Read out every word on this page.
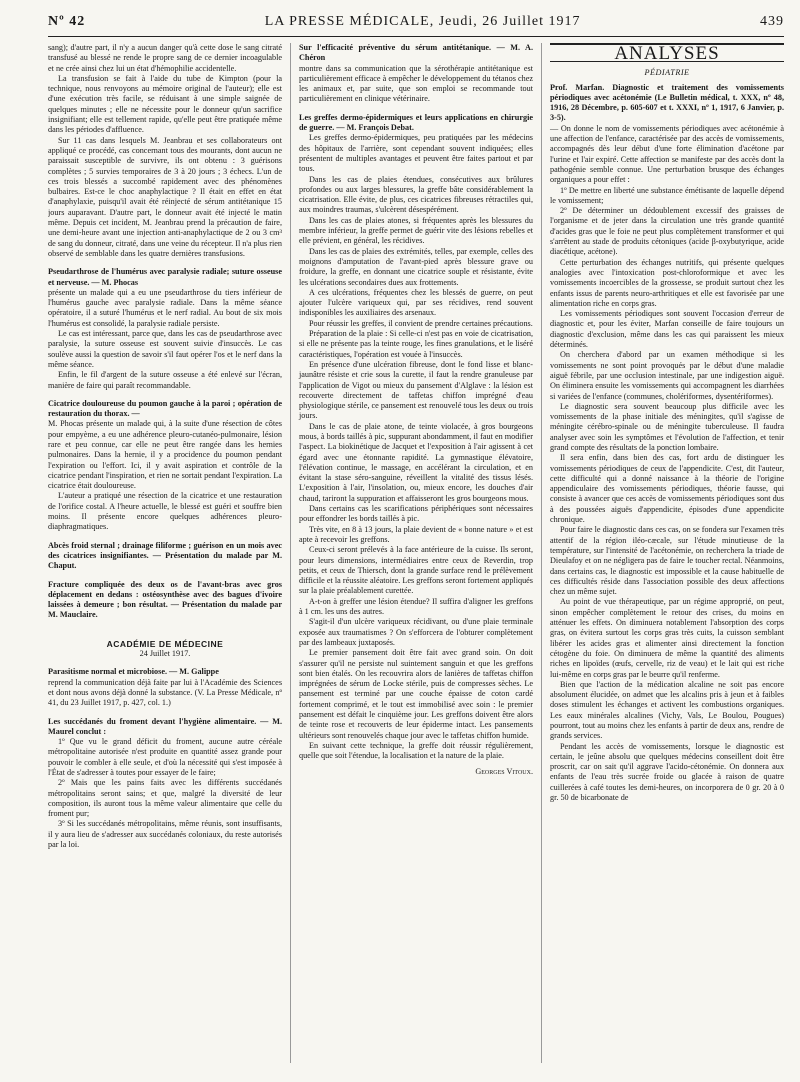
Nº 42	LA PRESSE MÉDICALE, Jeudi, 26 Juillet 1917	439

sang); d'autre part, il n'y a aucun danger qu'à cette dose le sang citraté transfusé au blessé ne rende le propre sang de ce dernier incoagulable et ne crée ainsi chez lui un état d'hémophilie accidentelle.

La transfusion se fait à l'aide du tube de Kimpton (pour la technique, nous renvoyons au mémoire original de l'auteur); elle est d'une exécution très facile, se réduisant à une simple saignée de quelques minutes ; elle ne nécessite pour le donneur qu'un sacrifice insignifiant; elle est tellement rapide, qu'elle peut être pratiquée même dans les périodes d'affluence.

Sur 11 cas dans lesquels M. Jeanbrau et ses collaborateurs ont appliqué ce procédé, cas concernant tous des mourants, dont aucun ne paraissait susceptible de survivre, ils ont obtenu : 3 guérisons complètes ; 5 survies temporaires de 3 à 20 jours ; 3 échecs. L'un de ces trois blessés a succombé rapidement avec des phénomènes bulbaires. Est-ce le choc anaphylactique ? Il était en effet en état d'anaphylaxie, puisqu'il avait été réinjecté de sérum antitétanique 15 jours auparavant. D'autre part, le donneur avait été injecté le matin même. Depuis cet incident, M. Jeanbrau prend la précaution de faire, une demi-heure avant une injection anti-anaphylactique de 2 ou 3 cm³ de sang du donneur, citraté, dans une veine du récepteur. Il n'a plus rien observé de semblable dans les quatre dernières transfusions.

Pseudarthrose de l'humérus avec paralysie radiale; suture osseuse et nerveuse. — M. Phocas

présente un malade qui a eu une pseudarthrose du tiers inférieur de l'humérus gauche avec paralysie radiale. Dans la même séance opératoire, il a suturé l'humérus et le nerf radial. Au bout de six mois l'humérus est consolidé, la paralysie radiale persiste.

Le cas est intéressant, parce que, dans les cas de pseudarthrose avec paralysie, la suture osseuse est souvent suivie d'insuccès. Le cas soulève aussi la question de savoir s'il faut opérer l'os et le nerf dans la même séance.

Enfin, le fil d'argent de la suture osseuse a été enlevé sur l'écran, manière de faire qui paraît recommandable.

Cicatrice douloureuse du poumon gauche à la paroi ; opération de restauration du thorax. —

M. Phocas présente un malade qui, à la suite d'une résection de côtes pour empyème, a eu une adhérence pleuro-cutanéo-pulmonaire, lésion rare et peu connue, car elle ne peut être rangée dans les hernies pulmonaires. Dans la hernie, il y a procidence du poumon pendant l'expiration ou l'effort. Ici, il y avait aspiration et contrôle de la cicatrice pendant l'inspiration, et rien ne sortait pendant l'expiration. La cicatrice était douloureuse.

L'auteur a pratiqué une résection de la cicatrice et une restauration de l'orifice costal. A l'heure actuelle, le blessé est guéri et souffre bien moins. Il présente encore quelques adhérences pleuro-diaphragmatiques.

Abcès froid sternal ; drainage filiforme ; guérison en un mois avec des cicatrices insignifiantes. — Présentation du malade par M. Chaput.

Fracture compliquée des deux os de l'avant-bras avec gros déplacement en dedans : ostéosynthèse avec des bagues d'ivoire laissées à demeure ; bon résultat. — Présentation du malade par M. Mauclaire.

ACADÉMIE DE MÉDECINE

24 Juillet 1917.

Parasitisme normal et microbiose. — M. Galippe

reprend la communication déjà faite par lui à l'Académie des Sciences et dont nous avons déjà donné la substance. (V. La Presse Médicale, nº 41, du 23 Juillet 1917, p. 427, col. 1.)

Les succédanés du froment devant l'hygiène alimentaire. — M. Maurel conclut :

1º Que vu le grand déficit du froment, aucune autre céréale métropolitaine autorisée n'est produite en quantité assez grande pour pouvoir le combler à elle seule, et d'où la nécessité qui s'est imposée à l'État de s'adresser à toutes pour essayer de le faire;

2º Mais que les pains faits avec les différents succédanés métropolitains seront sains; et que, malgré la diversité de leur composition, ils auront tous la même valeur alimentaire que celle du froment pur;

3º Si les succédanés métropolitains, même réunis, sont insuffisants, il y aura lieu de s'adresser aux succédanés coloniaux, du reste autorisés par la loi.

Sur l'efficacité préventive du sérum antitétanique. — M. A. Chéron

montre dans sa communication que la sérothérapie antitétanique est particulièrement efficace à empêcher le développement du tétanos chez les animaux et, par suite, que son emploi se recommande tout particulièrement en clinique vétérinaire.

Les greffes dermo-épidermiques et leurs applications en chirurgie de guerre. — M. François Debat.

Les greffes dermo-épidermiques, peu pratiquées par les médecins des hôpitaux de l'arrière, sont cependant souvent indiquées; elles présentent de multiples avantages et peuvent être faites partout et par tous.

Dans les cas de plaies étendues, consécutives aux brûlures profondes ou aux larges blessures, la greffe bâte considérablement la cicatrisation. Elle évite, de plus, ces cicatrices fibreuses rétractiles qui, aux moindres traumas, s'ulcèrent désespérément.

Dans les cas de plaies atones, si fréquentes après les blessures du membre inférieur, la greffe permet de guérir vite des lésions rebelles et elle prévient, en général, les récidives.

Dans les cas de plaies des extrémités, telles, par exemple, celles des moignons d'amputation de l'avant-pied après blessure grave ou froidure, la greffe, en donnant une cicatrice souple et résistante, évite les ulcérations secondaires dues aux frottements.

A ces ulcérations, fréquentes chez les blessés de guerre, on peut ajouter l'ulcère variqueux qui, par ses récidives, rend souvent indisponibles les auxiliaires des arsenaux.

Pour réussir les greffes, il convient de prendre certaines précautions.

Préparation de la plaie : Si celle-ci n'est pas en voie de cicatrisation, si elle ne présente pas la teinte rouge, les fines granulations, et le liséré caractéristiques, l'opération est vouée à l'insuccès.

En présence d'une ulcération fibreuse, dont le fond lisse et blanc-jaunâtre résiste et crie sous la curette, il faut la rendre granuleuse par l'application de Vigot ou mieux du pansement d'Alglave : la lésion est recouverte directement de taffetas chiffon imprégné d'eau physiologique stérile, ce pansement est renouvelé tous les deux ou trois jours.

Dans le cas de plaie atone, de teinte violacée, à gros bourgeons mous, à bords taillés à pic, suppurant abondamment, il faut en modifier l'aspect. La biokinétique de Jacquet et l'exposition à l'air agissent à cet égard avec une étonnante rapidité. La gymnastique élévatoire, l'élévation continue, le massage, en accélérant la circulation, et en évitant la stase séro-sanguine, réveillent la vitalité des tissus lésés. L'exposition à l'air, l'insolation, ou, mieux encore, les douches d'air chaud, tariront la suppuration et affaisseront les gros bourgeons mous.

Dans certains cas les scarifications périphériques sont nécessaires pour effondrer les bords taillés à pic.

Très vite, en 8 à 13 jours, la plaie devient de « bonne nature » et est apte à recevoir les greffons.

Ceux-ci seront prélevés à la face antérieure de la cuisse. Ils seront, pour leurs dimensions, intermédiaires entre ceux de Reverdin, trop petits, et ceux de Thiersch, dont la grande surface rend le prélèvement difficile et la réussite aléatoire. Les greffons seront fortement appliqués sur la plaie préalablement curettée.

A-t-on à greffer une lésion étendue? Il suffira d'aligner les greffons à 1 cm. les uns des autres.

S'agit-il d'un ulcère variqueux récidivant, ou d'une plaie terminale exposée aux traumatismes ? On s'efforcera de l'obturer complètement par des lambeaux juxtaposés.

Le premier pansement doit être fait avec grand soin. On doit s'assurer qu'il ne persiste nul suintement sanguin et que les greffons sont bien étalés. On les recouvrira alors de lanières de taffetas chiffon imprégnées de sérum de Locke stérile, puis de compresses sèches. Le pansement est terminé par une couche épaisse de coton cardé fortement comprimé, et le tout est immobilisé avec soin : le premier pansement est défait le cinquième jour. Les greffons doivent être alors de teinte rose et recouverts de leur épiderme intact. Les pansements ultérieurs sont renouvelés chaque jour avec le taffetas chiffon humide.

En suivant cette technique, la greffe doit réussir régulièrement, quelle que soit l'étendue, la localisation et la nature de la plaie.

Georges Vitoux.
ANALYSES
PÉDIATRIE

Prof. Marfan. Diagnostic et traitement des vomissements périodiques avec acétonémie (Le Bulletin médical, t. XXX, nº 48, 1916, 28 Décembre, p. 605-607 et t. XXXI, nº 1, 1917, 6 Janvier, p. 3-5).

— On donne le nom de vomissements périodiques avec acétonémie à une affection de l'enfance, caractérisée par des accès de vomissements, accompagnés dès leur début d'une forte élimination d'acétone par l'urine et l'air expiré. Cette affection se manifeste par des accès dont la pathogénie semble connue. Une perturbation brusque des échanges organiques a pour effet :

1º De mettre en liberté une substance émétisante de laquelle dépend le vomissement;

2º De déterminer un dédoublement excessif des graisses de l'organisme et de jeter dans la circulation une très grande quantité d'acides gras que le foie ne peut plus complètement transformer et qui s'arrêtent au stade de produits cétoniques (acide β-oxybutyrique, acide diacétique, acétone).

Cette perturbation des échanges nutritifs, qui présente quelques analogies avec l'intoxication post-chloroformique et avec les vomissements incoercibles de la grossesse, se produit surtout chez les enfants issus de parents neuro-arthritiques et elle est favorisée par une alimentation riche en corps gras.

Les vomissements périodiques sont souvent l'occasion d'erreur de diagnostic et, pour les éviter, Marfan conseille de faire toujours un diagnostic d'exclusion, même dans les cas qui paraissent les mieux déterminés.

On cherchera d'abord par un examen méthodique si les vomissements ne sont point provoqués par le début d'une maladie aiguë fébrile, par une occlusion intestinale, par une indigestion aiguë. On éliminera ensuite les vomissements qui accompagnent les diarrhées si variées de l'enfance (communes, cholériformes, dysentériformes).

Le diagnostic sera souvent beaucoup plus difficile avec les vomissements de la phase initiale des méningites, qu'il s'agisse de méningite cérébro-spinale ou de méningite tuberculeuse. Il faudra analyser avec soin les symptômes et l'évolution de l'affection, et tenir grand compte des résultats de la ponction lombaire.

Il sera enfin, dans bien des cas, fort ardu de distinguer les vomissements périodiques de ceux de l'appendicite. C'est, dit l'auteur, cette difficulté qui a donné naissance à la théorie de l'origine appendiculaire des vomissements périodiques, théorie fausse, qui consiste à avancer que ces accès de vomissements périodiques sont dus à des poussées aiguës d'appendicite, épisodes d'une appendicite chronique.

Pour faire le diagnostic dans ces cas, on se fondera sur l'examen très attentif de la région iléo-cæcale, sur l'étude minutieuse de la température, sur l'intensité de l'acétonémie, on recherchera la triade de Dieulafoy et on ne négligera pas de faire le toucher rectal. Néanmoins, dans certains cas, le diagnostic est impossible et la cause habituelle de ces difficultés réside dans l'association possible des deux affections chez un même sujet.

Au point de vue thérapeutique, par un régime approprié, on peut, sinon empêcher complètement le retour des crises, du moins en atténuer les effets. On diminuera notablement l'absorption des corps gras, on évitera surtout les corps gras très cuits, la cuisson semblant libérer les acides gras et alimenter ainsi directement la fonction cétogène du foie. On diminuera de même la quantité des aliments riches en lipoïdes (œufs, cervelle, riz de veau) et le lait qui est riche lui-même en corps gras par le beurre qu'il renferme.

Bien que l'action de la médication alcaline ne soit pas encore absolument élucidée, on admet que les alcalins pris à jeun et à faibles doses stimulent les échanges et activent les combustions organiques. Les eaux minérales alcalines (Vichy, Vals, Le Boulou, Pougues) pourront, tout au moins chez les enfants à partir de deux ans, rendre de grands services.

Pendant les accès de vomissements, lorsque le diagnostic est certain, le jeûne absolu que quelques médecins conseillent doit être proscrit, car on sait qu'il aggrave l'acido-cétonémie. On donnera aux enfants de l'eau très sucrée froide ou glacée à raison de quatre cuillerées à café toutes les demi-heures, on incorporera de 0 gr. 20 à 0 gr. 50 de bicarbonate de
